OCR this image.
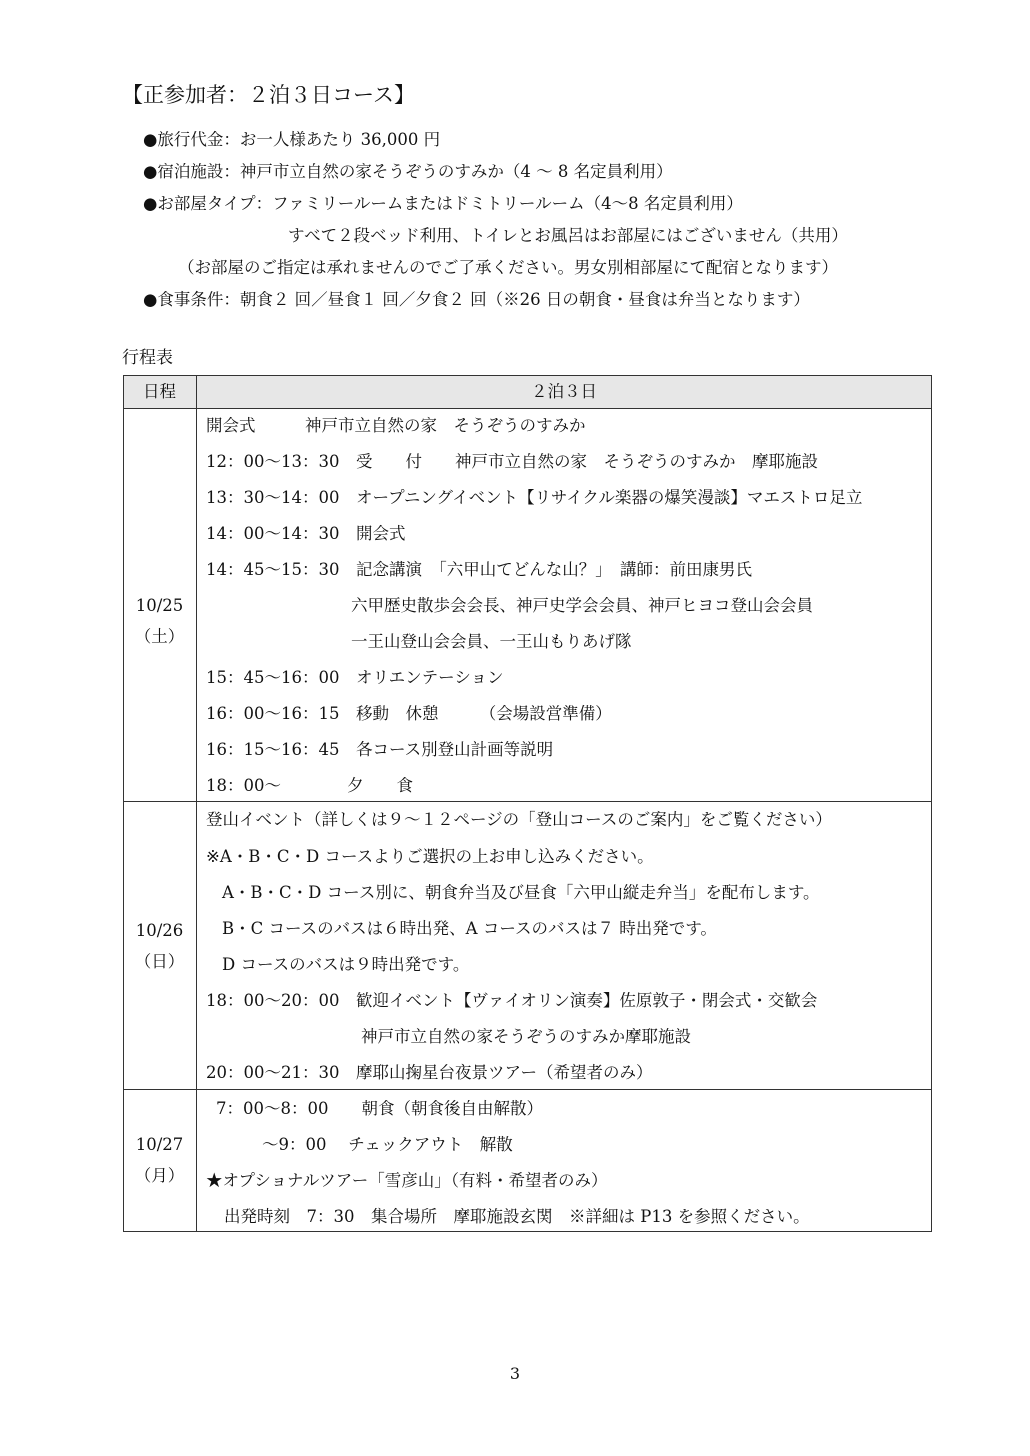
【正参加者：２泊３日コース】
●旅行代金：お一人様あたり 36,000 円
●宿泊施設：神戸市立自然の家そうぞうのすみか（4 〜 8 名定員利用）
●お部屋タイプ：ファミリールームまたはドミトリールーム（4〜8 名定員利用）
すべて２段ベッド利用、トイレとお風呂はお部屋にはございません（共用）
（お部屋のご指定は承れませんのでご了承ください。男女別相部屋にて配宿となります）
●食事条件：朝食２ 回／昼食１ 回／夕食２ 回（※26 日の朝食・昼食は弁当となります）
行程表
日程	２泊３日
10/25
（土）
開会式　　　神戸市立自然の家　そうぞうのすみか
12：00〜13：30　受　　付　　神戸市立自然の家　そうぞうのすみか　摩耶施設
13：30〜14：00　オープニングイベント【リサイクル楽器の爆笑漫談】マエストロ足立
14：00〜14：30　開会式
14：45〜15：30　記念講演　「六甲山てどんな山？」　講師：前田康男氏
六甲歴史散歩会会長、神戸史学会会員、神戸ヒヨコ登山会会員
一王山登山会会員、一王山もりあげ隊
15：45〜16：00　オリエンテーション
16：00〜16：15　移動　休憩　　　（会場設営準備）
16：15〜16：45　各コース別登山計画等説明
18：00〜　　　　夕　　食
10/26
（日）
登山イベント（詳しくは９〜１２ページの「登山コースのご案内」をご覧ください）
※A・B・C・D コースよりご選択の上お申し込みください。
A・B・C・D コース別に、朝食弁当及び昼食「六甲山縦走弁当」を配布します。
B・C コースのバスは６時出発、A コースのバスは７ 時出発です。
D コースのバスは９時出発です。
18：00〜20：00　歓迎イベント【ヴァイオリン演奏】佐原敦子・閉会式・交歓会
神戸市立自然の家そうぞうのすみか摩耶施設
20：00〜21：30　摩耶山掬星台夜景ツアー（希望者のみ）
10/27
（月）
7：00〜8：00　　朝食（朝食後自由解散）
〜9：00　 チェックアウト　解散
★オプショナルツアー「雪彦山」（有料・希望者のみ）
出発時刻　7：30　集合場所　摩耶施設玄関　※詳細は P13 を参照ください。
3
